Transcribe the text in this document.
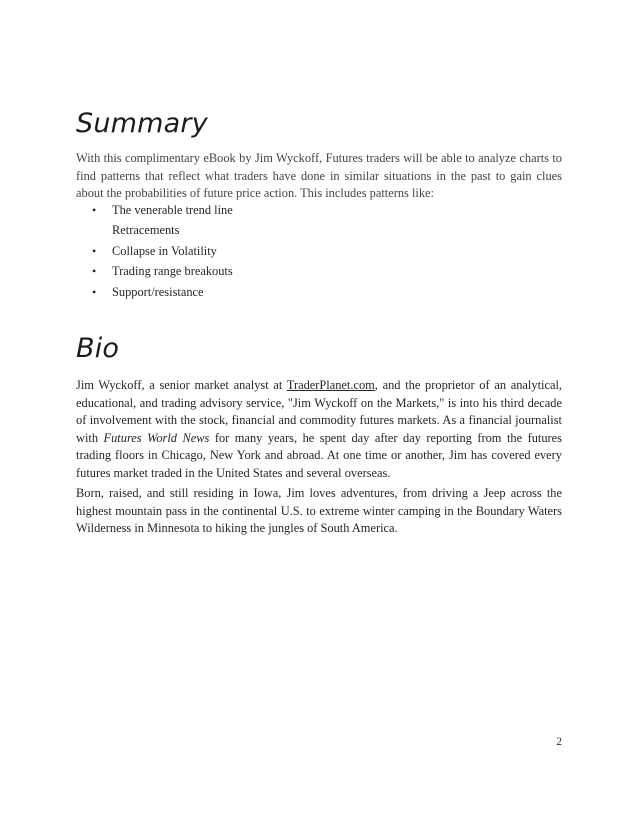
Summary

With this complimentary eBook by Jim Wyckoff, Futures traders will be able to analyze charts to find patterns that reflect what traders have done in similar situations in the past to gain clues about the probabilities of future price action. This includes patterns like:

• The venerable trend line
Retracements
• Collapse in Volatility
• Trading range breakouts
• Support/resistance
Bio

Jim Wyckoff, a senior market analyst at TraderPlanet.com, and the proprietor of an analytical, educational, and trading advisory service, "Jim Wyckoff on the Markets," is into his third decade of involvement with the stock, financial and commodity futures markets. As a financial journalist with Futures World News for many years, he spent day after day reporting from the futures trading floors in Chicago, New York and abroad. At one time or another, Jim has covered every futures market traded in the United States and several overseas.

Born, raised, and still residing in Iowa, Jim loves adventures, from driving a Jeep across the highest mountain pass in the continental U.S. to extreme winter camping in the Boundary Waters Wilderness in Minnesota to hiking the jungles of South America.

2
